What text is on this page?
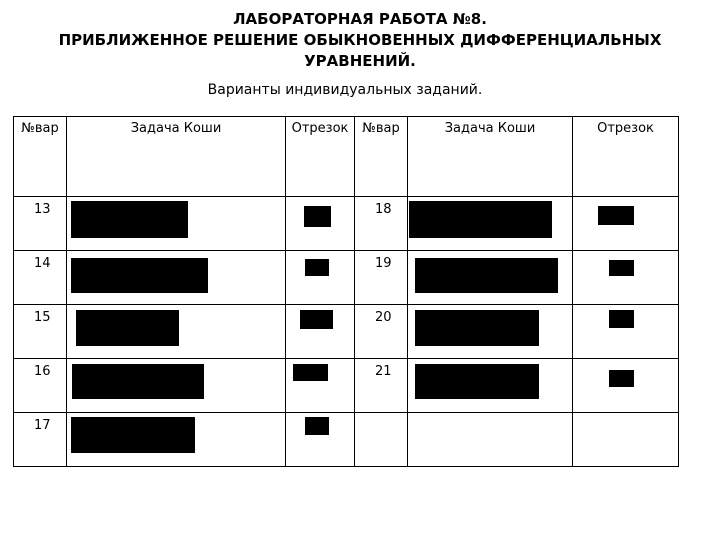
ЛАБОРАТОРНАЯ РАБОТА №8.
ПРИБЛИЖЕННОЕ РЕШЕНИЕ ОБЫКНОВЕННЫХ ДИФФЕРЕНЦИАЛЬНЫХ
УРАВНЕНИЙ.
Варианты индивидуальных заданий.
№вар	Задача Коши	Отрезок	№вар	Задача Коши	Отрезок

13			18		

14			19		

15			20		

16			21		

17					
